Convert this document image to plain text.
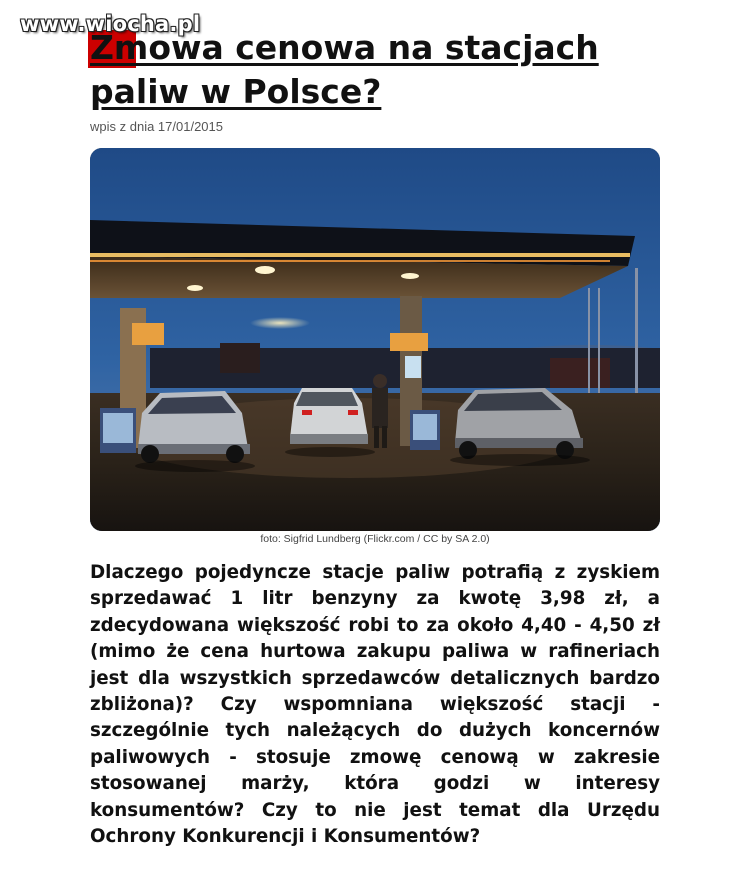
www.wiocha.pl
Zmowa cenowa na stacjach paliw w Polsce?
wpis z dnia 17/01/2015
foto: Sigfrid Lundberg (Flickr.com / CC by SA 2.0)

Dlaczego pojedyncze stacje paliw potrafią z zyskiem sprzedawać 1 litr benzyny za kwotę 3,98 zł, a zdecydowana większość robi to za około 4,40 - 4,50 zł (mimo że cena hurtowa zakupu paliwa w rafineriach jest dla wszystkich sprzedawców detalicznych bardzo zbliżona)? Czy wspomniana większość stacji - szczególnie tych należących do dużych koncernów paliwowych - stosuje zmowę cenową w zakresie stosowanej marży, która godzi w interesy konsumentów? Czy to nie jest temat dla Urzędu Ochrony Konkurencji i Konsumentów?
